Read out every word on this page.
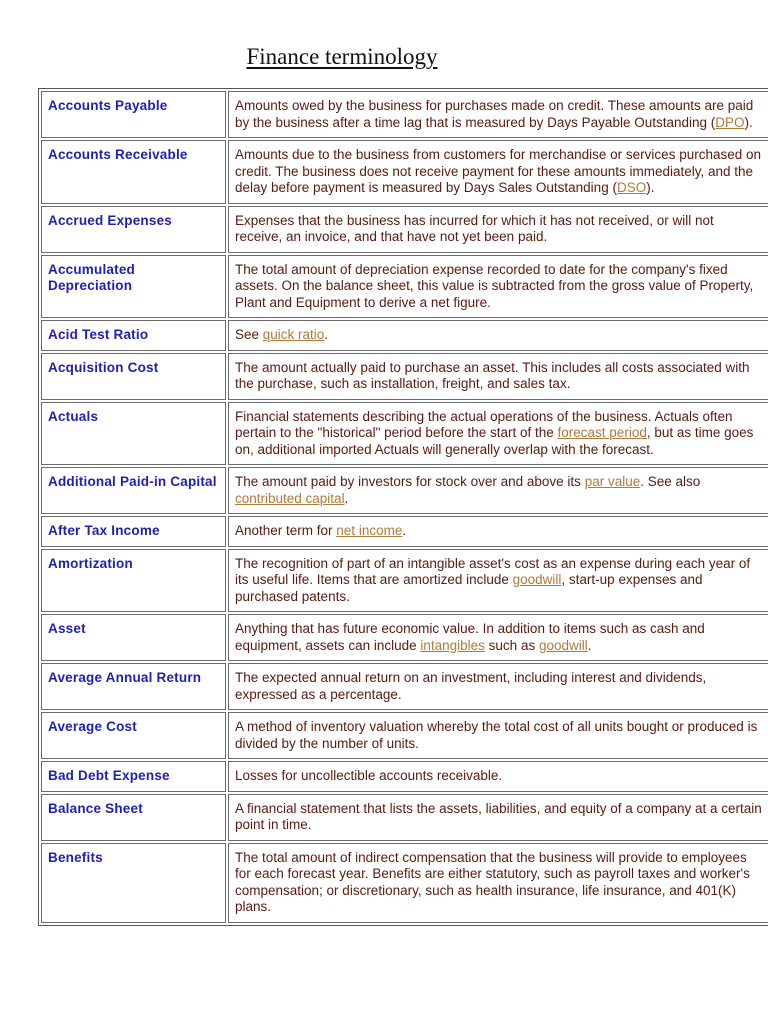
Finance terminology
Accounts Payable	Amounts owed by the business for purchases made on credit. These amounts are paid by the business after a time lag that is measured by Days Payable Outstanding (DPO).
Accounts Receivable	Amounts due to the business from customers for merchandise or services purchased on credit. The business does not receive payment for these amounts immediately, and the delay before payment is measured by Days Sales Outstanding (DSO).
Accrued Expenses	Expenses that the business has incurred for which it has not received, or will not receive, an invoice, and that have not yet been paid.
Accumulated Depreciation	The total amount of depreciation expense recorded to date for the company's fixed assets. On the balance sheet, this value is subtracted from the gross value of Property, Plant and Equipment to derive a net figure.
Acid Test Ratio	See quick ratio.
Acquisition Cost	The amount actually paid to purchase an asset. This includes all costs associated with the purchase, such as installation, freight, and sales tax.
Actuals	Financial statements describing the actual operations of the business. Actuals often pertain to the "historical" period before the start of the forecast period, but as time goes on, additional imported Actuals will generally overlap with the forecast.
Additional Paid-in Capital	The amount paid by investors for stock over and above its par value. See also contributed capital.
After Tax Income	Another term for net income.
Amortization	The recognition of part of an intangible asset's cost as an expense during each year of its useful life. Items that are amortized include goodwill, start-up expenses and purchased patents.
Asset	Anything that has future economic value. In addition to items such as cash and equipment, assets can include intangibles such as goodwill.
Average Annual Return	The expected annual return on an investment, including interest and dividends, expressed as a percentage.
Average Cost	A method of inventory valuation whereby the total cost of all units bought or produced is divided by the number of units.
Bad Debt Expense	Losses for uncollectible accounts receivable.
Balance Sheet	A financial statement that lists the assets, liabilities, and equity of a company at a certain point in time.
Benefits	The total amount of indirect compensation that the business will provide to employees for each forecast year. Benefits are either statutory, such as payroll taxes and worker's compensation; or discretionary, such as health insurance, life insurance, and 401(K) plans.
